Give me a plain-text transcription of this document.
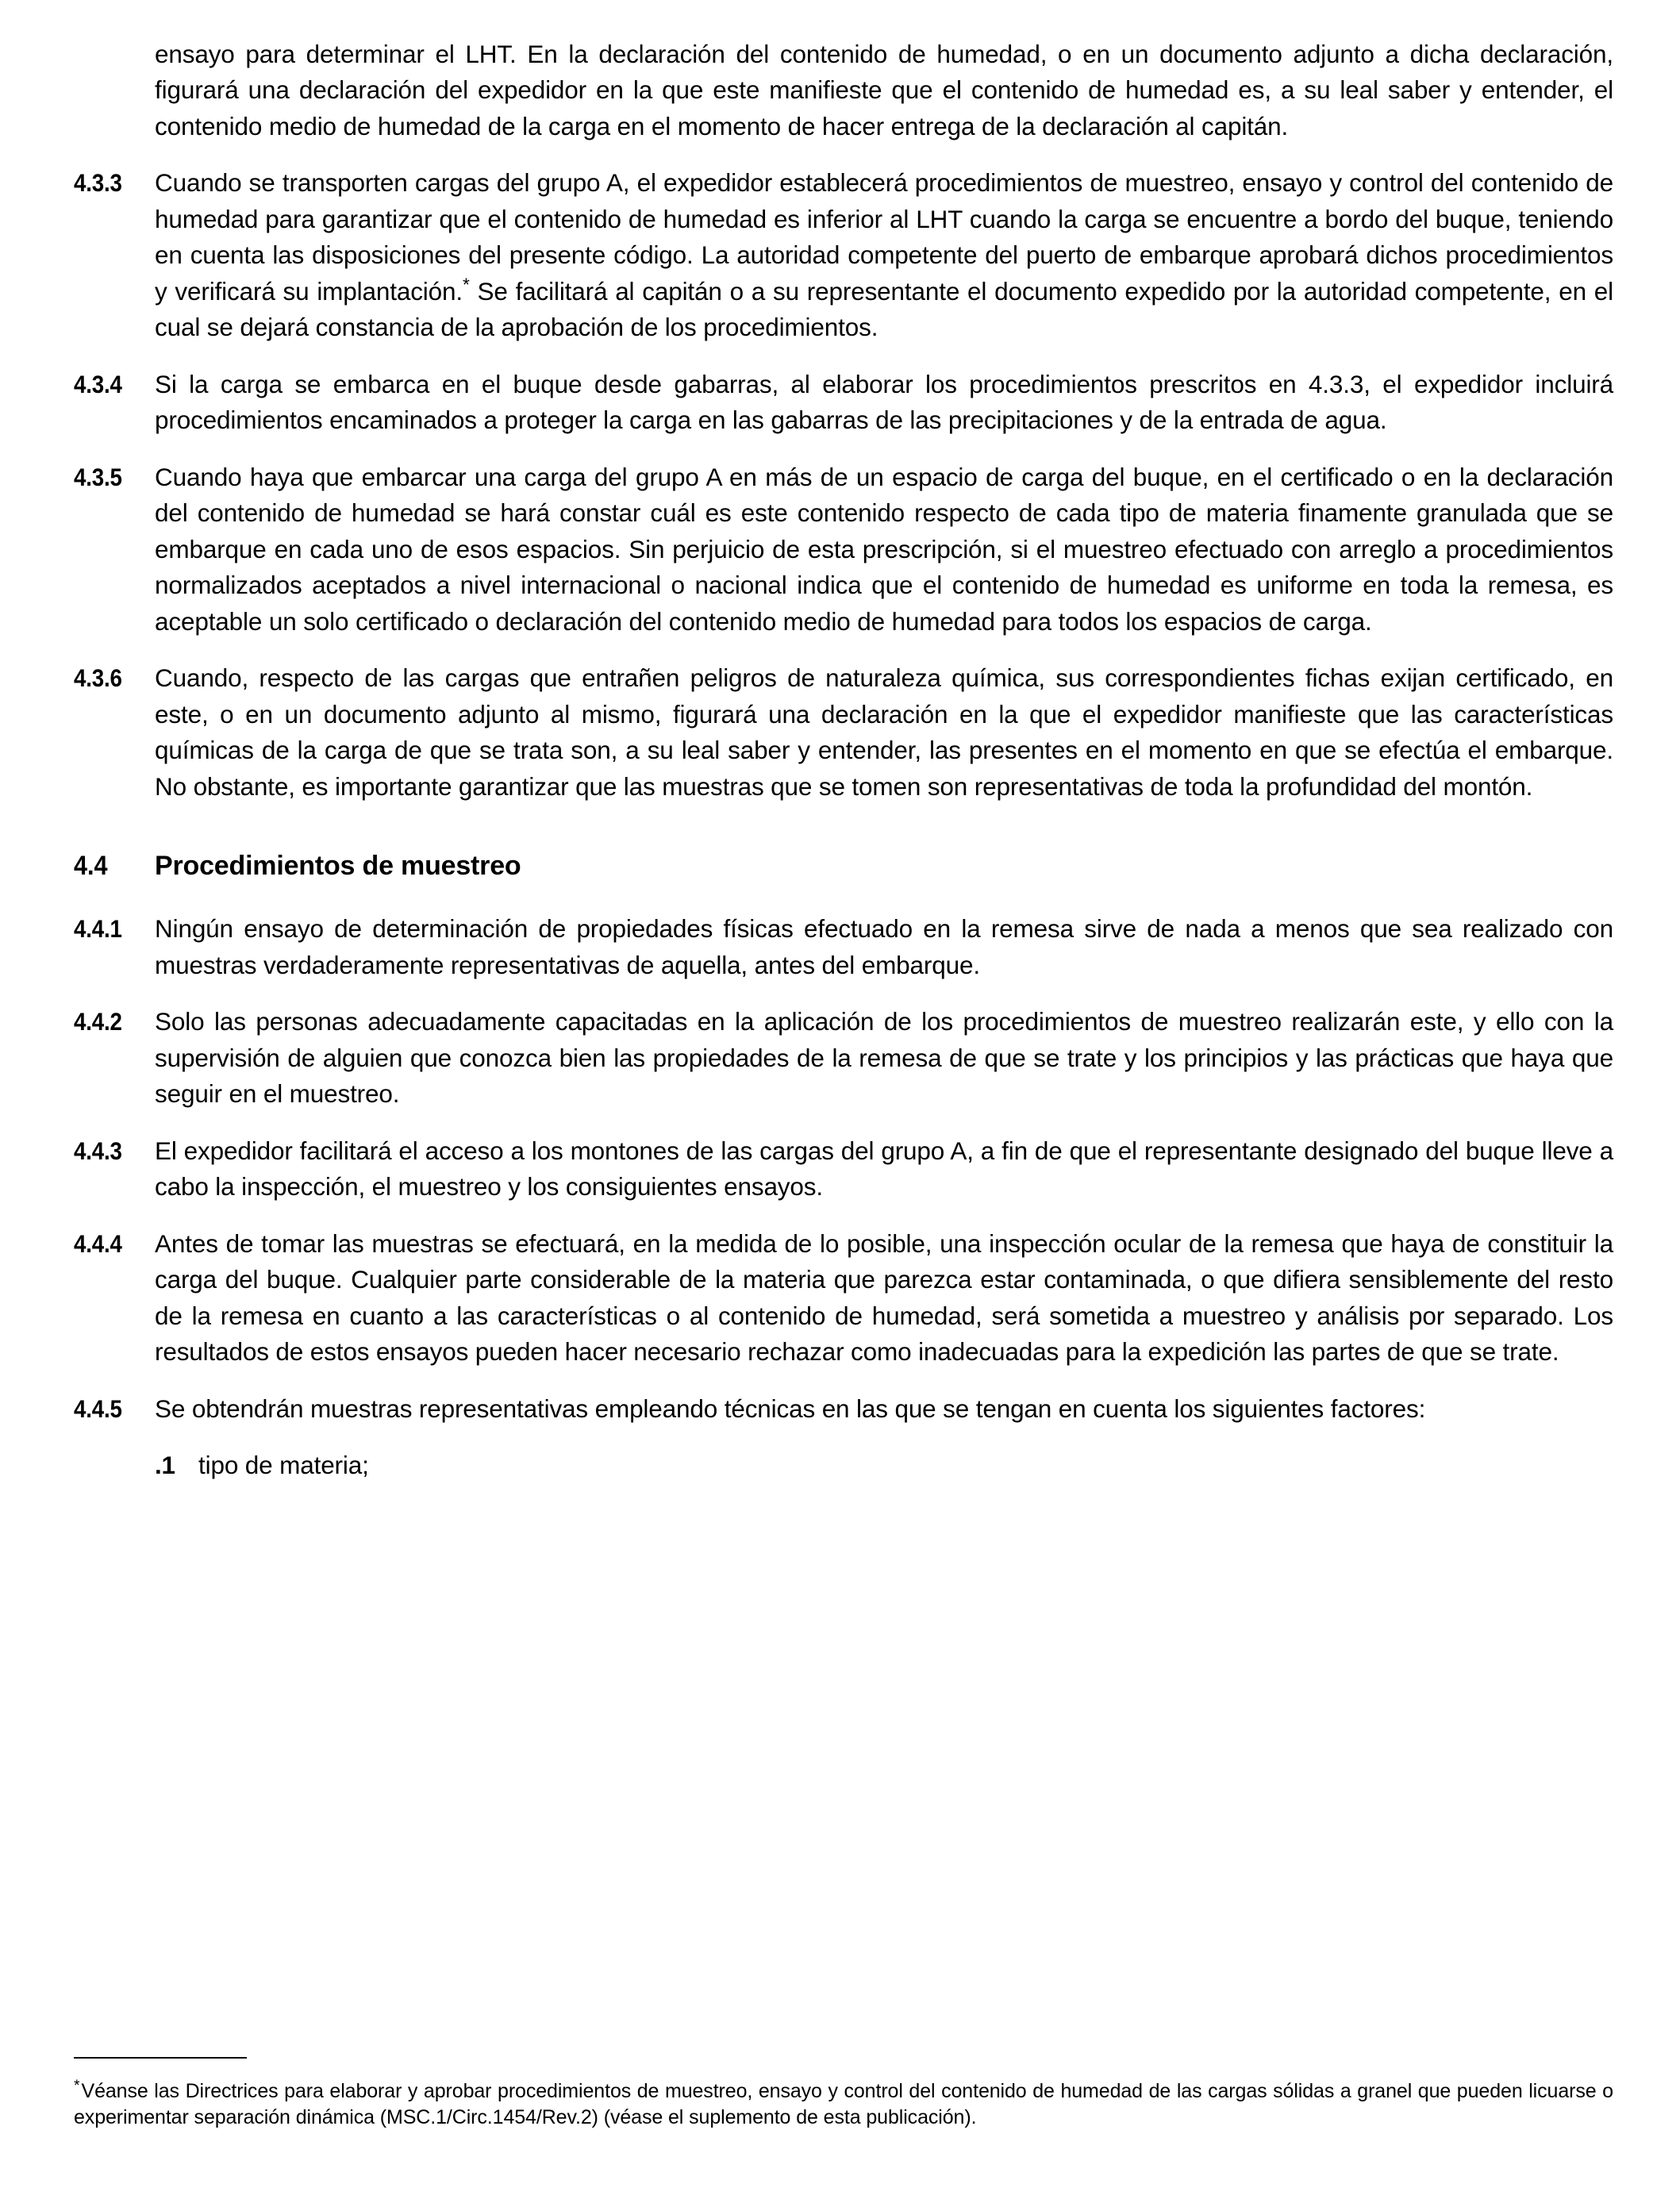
ensayo para determinar el LHT. En la declaración del contenido de humedad, o en un documento adjunto a dicha declaración, figurará una declaración del expedidor en la que este manifieste que el contenido de humedad es, a su leal saber y entender, el contenido medio de humedad de la carga en el momento de hacer entrega de la declaración al capitán.

4.3.3	Cuando se transporten cargas del grupo A, el expedidor establecerá procedimientos de muestreo, ensayo y control del contenido de humedad para garantizar que el contenido de humedad es inferior al LHT cuando la carga se encuentre a bordo del buque, teniendo en cuenta las disposiciones del presente código. La autoridad competente del puerto de embarque aprobará dichos procedimientos y verificará su implantación.* Se facilitará al capitán o a su representante el documento expedido por la autoridad competente, en el cual se dejará constancia de la aprobación de los procedimientos.
4.3.4	Si la carga se embarca en el buque desde gabarras, al elaborar los procedimientos prescritos en 4.3.3, el expedidor incluirá procedimientos encaminados a proteger la carga en las gabarras de las precipitaciones y de la entrada de agua.
4.3.5	Cuando haya que embarcar una carga del grupo A en más de un espacio de carga del buque, en el certificado o en la declaración del contenido de humedad se hará constar cuál es este contenido respecto de cada tipo de materia finamente granulada que se embarque en cada uno de esos espacios. Sin perjuicio de esta prescripción, si el muestreo efectuado con arreglo a procedimientos normalizados aceptados a nivel internacional o nacional indica que el contenido de humedad es uniforme en toda la remesa, es aceptable un solo certificado o declaración del contenido medio de humedad para todos los espacios de carga.
4.3.6	Cuando, respecto de las cargas que entrañen peligros de naturaleza química, sus correspondientes fichas exijan certificado, en este, o en un documento adjunto al mismo, figurará una declaración en la que el expedidor manifieste que las características químicas de la carga de que se trata son, a su leal saber y entender, las presentes en el momento en que se efectúa el embarque. No obstante, es importante garantizar que las muestras que se tomen son representativas de toda la profundidad del montón.
4.4	Procedimientos de muestreo
4.4.1	Ningún ensayo de determinación de propiedades físicas efectuado en la remesa sirve de nada a menos que sea realizado con muestras verdaderamente representativas de aquella, antes del embarque.
4.4.2	Solo las personas adecuadamente capacitadas en la aplicación de los procedimientos de muestreo realizarán este, y ello con la supervisión de alguien que conozca bien las propiedades de la remesa de que se trate y los principios y las prácticas que haya que seguir en el muestreo.
4.4.3	El expedidor facilitará el acceso a los montones de las cargas del grupo A, a fin de que el representante designado del buque lleve a cabo la inspección, el muestreo y los consiguientes ensayos.
4.4.4	Antes de tomar las muestras se efectuará, en la medida de lo posible, una inspección ocular de la remesa que haya de constituir la carga del buque. Cualquier parte considerable de la materia que parezca estar contaminada, o que difiera sensiblemente del resto de la remesa en cuanto a las características o al contenido de humedad, será sometida a muestreo y análisis por separado. Los resultados de estos ensayos pueden hacer necesario rechazar como inadecuadas para la expedición las partes de que se trate.
4.4.5	Se obtendrán muestras representativas empleando técnicas en las que se tengan en cuenta los siguientes factores:
.1 tipo de materia;

*Véanse las Directrices para elaborar y aprobar procedimientos de muestreo, ensayo y control del contenido de humedad de las cargas sólidas a granel que pueden licuarse o experimentar separación dinámica (MSC.1/Circ.1454/Rev.2) (véase el suplemento de esta publicación).
